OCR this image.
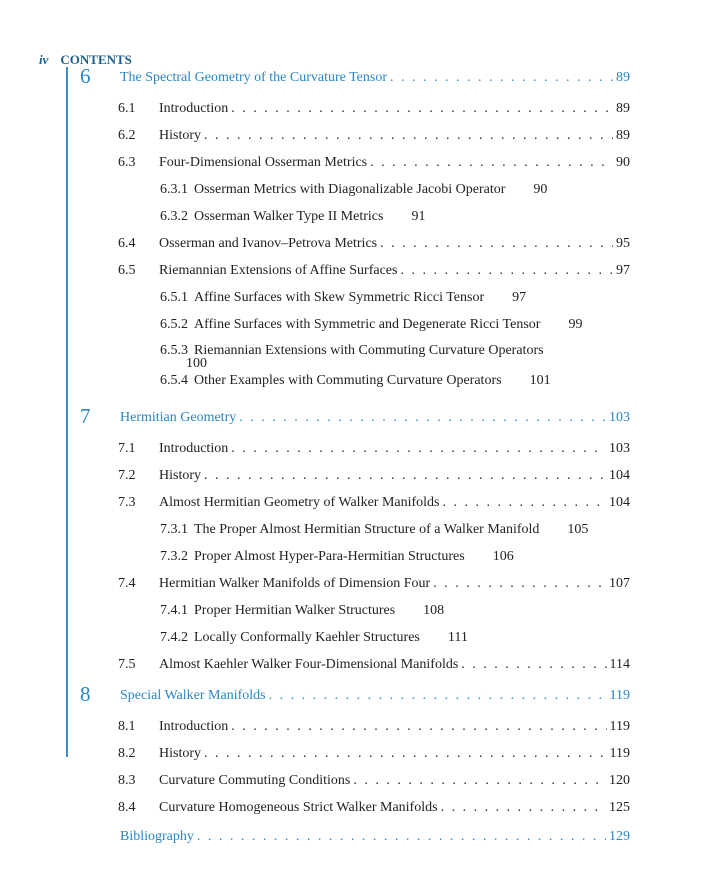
iv CONTENTS
6 The Spectral Geometry of the Curvature Tensor . . .	89
6.1	Introduction . . .	89
6.2	History . . .	89
6.3	Four-Dimensional Osserman Metrics . . .	90
6.3.1 Osserman Metrics with Diagonalizable Jacobi Operator 90
6.3.2 Osserman Walker Type II Metrics 91
6.4	Osserman and Ivanov–Petrova Metrics . . .	95
6.5	Riemannian Extensions of Affine Surfaces . . .	97
6.5.1 Affine Surfaces with Skew Symmetric Ricci Tensor 97
6.5.2 Affine Surfaces with Symmetric and Degenerate Ricci Tensor 99
6.5.3 Riemannian Extensions with Commuting Curvature Operators
100
6.5.4 Other Examples with Commuting Curvature Operators 101
7 Hermitian Geometry . . .	103
7.1	Introduction . . .	103
7.2	History . . .	104
7.3	Almost Hermitian Geometry of Walker Manifolds . . .	104
7.3.1 The Proper Almost Hermitian Structure of a Walker Manifold 105
7.3.2 Proper Almost Hyper-Para-Hermitian Structures 106
7.4	Hermitian Walker Manifolds of Dimension Four . . .	107
7.4.1 Proper Hermitian Walker Structures 108
7.4.2 Locally Conformally Kaehler Structures 111
7.5	Almost Kaehler Walker Four-Dimensional Manifolds . . .	114
8 Special Walker Manifolds . . .	119
8.1	Introduction . . .	119
8.2	History . . .	119
8.3	Curvature Commuting Conditions . . .	120
8.4	Curvature Homogeneous Strict Walker Manifolds . . .	125
Bibliography . . .	129
